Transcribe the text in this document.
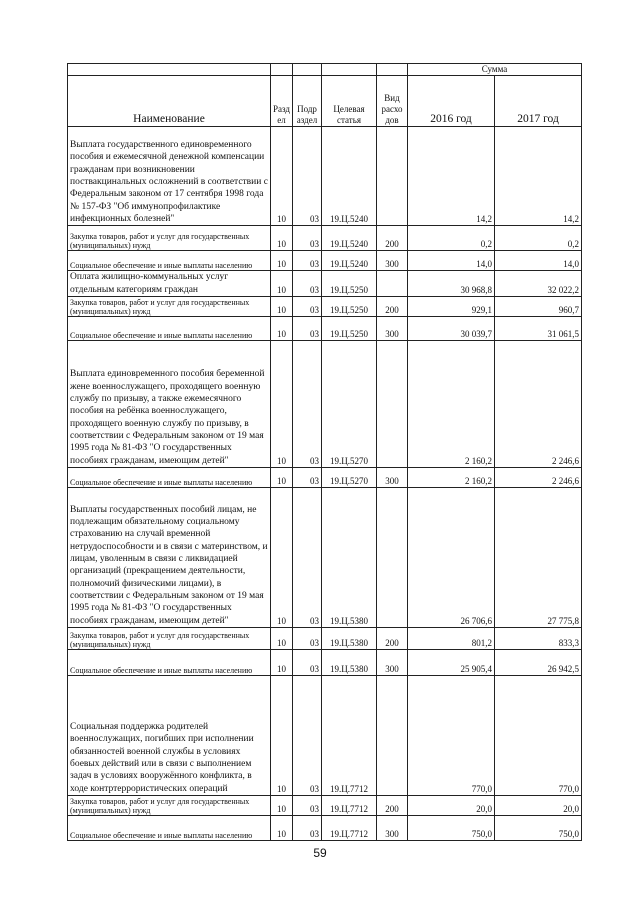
					Сумма	
Наименование	Разд ел	Подр аздел	Целевая статья	Вид расхо дов	2016 год	2017 год
Выплата государственного единовременного пособия и ежемесячной денежной компенсации гражданам при возникновении поствакцинальных осложнений в соответствии с Федеральным законом от 17 сентября 1998 года № 157-ФЗ "Об иммунопрофилактике инфекционных болезней"	10	03	19.Ц.5240		14,2	14,2
Закупка товаров, работ и услуг для государственных (муниципальных) нужд	10	03	19.Ц.5240	200	0,2	0,2
Социальное обеспечение и иные выплаты населению	10	03	19.Ц.5240	300	14,0	14,0
Оплата жилищно-коммунальных услуг отдельным категориям граждан	10	03	19.Ц.5250		30 968,8	32 022,2
Закупка товаров, работ и услуг для государственных (муниципальных) нужд	10	03	19.Ц.5250	200	929,1	960,7
Социальное обеспечение и иные выплаты населению	10	03	19.Ц.5250	300	30 039,7	31 061,5
Выплата единовременного пособия беременной жене военнослужащего, проходящего военную службу по призыву, а также ежемесячного пособия на ребёнка военнослужащего, проходящего военную службу по призыву, в соответствии с Федеральным законом от 19 мая 1995 года № 81-ФЗ "О государственных пособиях гражданам, имеющим детей"	10	03	19.Ц.5270		2 160,2	2 246,6
Социальное обеспечение и иные выплаты населению	10	03	19.Ц.5270	300	2 160,2	2 246,6
Выплаты государственных пособий лицам, не подлежащим обязательному социальному страхованию на случай временной нетрудоспособности и в связи с материнством, и лицам, уволенным в связи с ликвидацией организаций (прекращением деятельности, полномочий физическими лицами), в соответствии с Федеральным законом от 19 мая 1995 года № 81-ФЗ "О государственных пособиях гражданам, имеющим детей"	10	03	19.Ц.5380		26 706,6	27 775,8
Закупка товаров, работ и услуг для государственных (муниципальных) нужд	10	03	19.Ц.5380	200	801,2	833,3
Социальное обеспечение и иные выплаты населению	10	03	19.Ц.5380	300	25 905,4	26 942,5
Социальная поддержка родителей военнослужащих, погибших при исполнении обязанностей военной службы в условиях боевых действий или в связи с выполнением задач в условиях вооружённого конфликта, в ходе контртеррористических операций	10	03	19.Ц.7712		770,0	770,0
Закупка товаров, работ и услуг для государственных (муниципальных) нужд	10	03	19.Ц.7712	200	20,0	20,0
Социальное обеспечение и иные выплаты населению	10	03	19.Ц.7712	300	750,0	750,0
59
